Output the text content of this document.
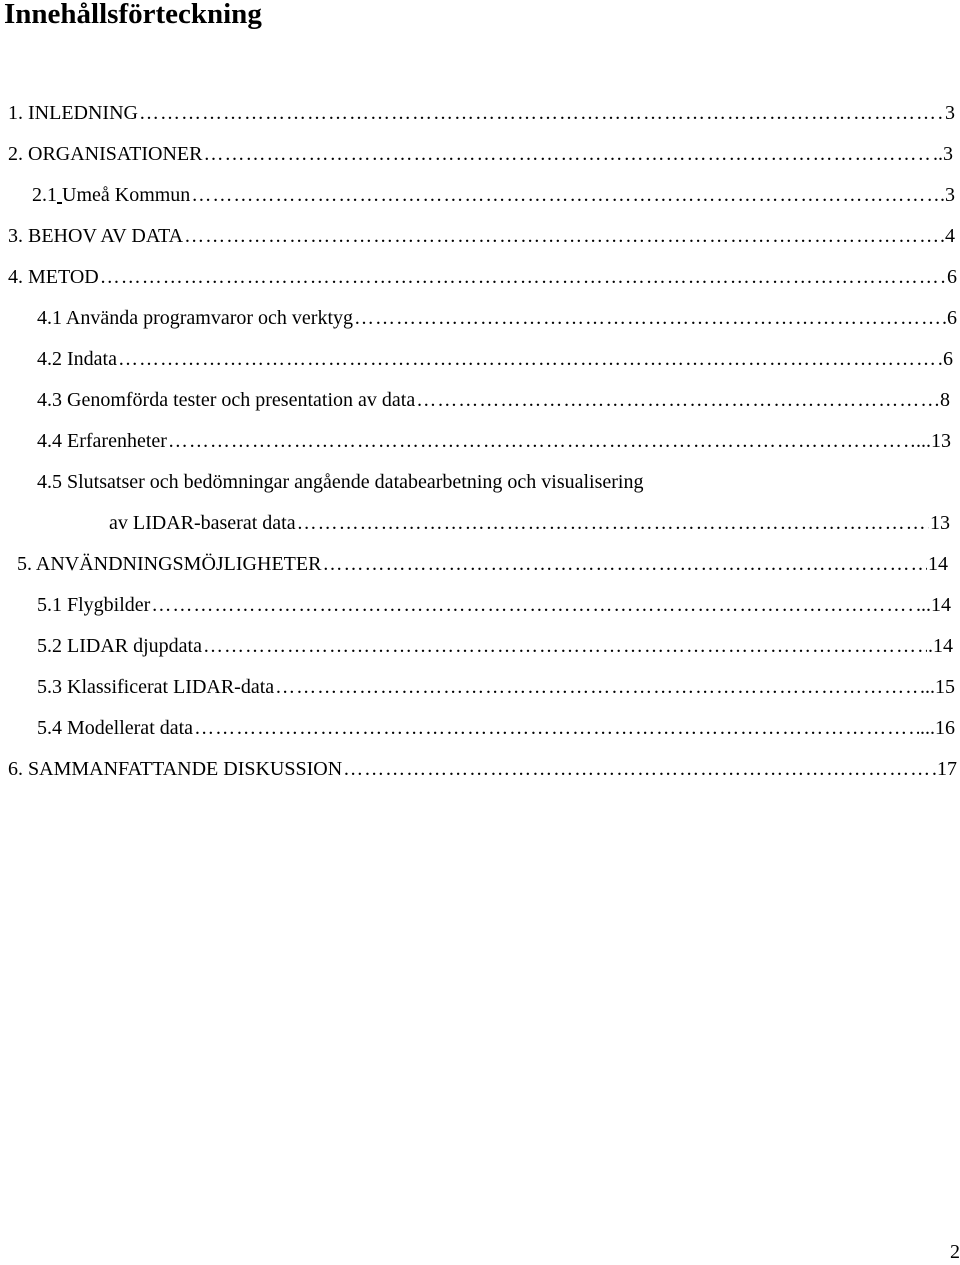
Innehållsförteckning
1. INLEDNING …………………………………………………………………………………………………………………………………………………………………………	3
2. ORGANISATIONER …………………………………………………………………………………………………………………………………………………………………………	..3
2.1 Umeå Kommun …………………………………………………………………………………………………………………………………………………………………………	.3
3. BEHOV AV DATA …………………………………………………………………………………………………………………………………………………………………………	.4
4. METOD …………………………………………………………………………………………………………………………………………………………………………	6
4.1 Använda programvaror och verktyg …………………………………………………………………………………………………………………………………………………………………………	.6
4.2 Indata …………………………………………………………………………………………………………………………………………………………………………	6
4.3 Genomförda tester och presentation av data …………………………………………………………………………………………………………………………………………………………………………	8
4.4 Erfarenheter …………………………………………………………………………………………………………………………………………………………………………	...13
4.5 Slutsatser och bedömningar angående databearbetning och visualisering
av LIDAR-baserat data …………………………………………………………………………………………………………………………………………………………………………	13
5. ANVÄNDNINGSMÖJLIGHETER …………………………………………………………………………………………………………………………………………………………………………	14
5.1 Flygbilder …………………………………………………………………………………………………………………………………………………………………………	...14
5.2 LIDAR djupdata …………………………………………………………………………………………………………………………………………………………………………	.14
5.3 Klassificerat LIDAR-data …………………………………………………………………………………………………………………………………………………………………………	...15
5.4 Modellerat data …………………………………………………………………………………………………………………………………………………………………………	...16
6. SAMMANFATTANDE DISKUSSION …………………………………………………………………………………………………………………………………………………………………………	17
2
